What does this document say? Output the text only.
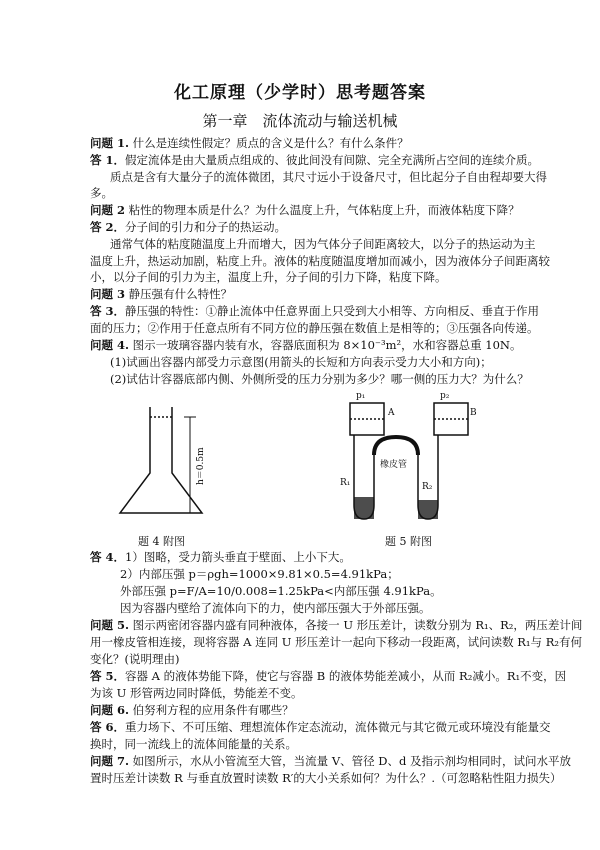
化工原理（少学时）思考题答案
第一章　流体流动与输送机械
问题 1. 什么是连续性假定？质点的含义是什么？有什么条件？
答 1．假定流体是由大量质点组成的、彼此间没有间隙、完全充满所占空间的连续介质。
质点是含有大量分子的流体微团，其尺寸远小于设备尺寸，但比起分子自由程却要大得
多。
问题 2 粘性的物理本质是什么？为什么温度上升，气体粘度上升，而液体粘度下降？
答 2．分子间的引力和分子的热运动。
通常气体的粘度随温度上升而增大，因为气体分子间距离较大，以分子的热运动为主
温度上升，热运动加剧，粘度上升。液体的粘度随温度增加而减小，因为液体分子间距离较
小，以分子间的引力为主，温度上升，分子间的引力下降，粘度下降。
问题 3 静压强有什么特性？
答 3．静压强的特性：①静止流体中任意界面上只受到大小相等、方向相反、垂直于作用
面的压力；②作用于任意点所有不同方位的静压强在数值上是相等的；③压强各向传递。
问题 4. 图示一玻璃容器内装有水，容器底面积为 8×10⁻³m²，水和容器总重 10N。
(1)试画出容器内部受力示意图(用箭头的长短和方向表示受力大小和方向)；
(2)试估计容器底部内侧、外侧所受的压力分别为多少？哪一侧的压力大？为什么？
h＝0.5m
题 4 附图
p₁
A
p₂
B
橡皮管
R₁	R₂
题 5 附图
答 4．1）图略，受力箭头垂直于壁面、上小下大。
2）内部压强 p＝ρgh=1000×9.81×0.5=4.91kPa；
外部压强 p=F/A=10/0.008=1.25kPa<内部压强 4.91kPa。
因为容器内壁给了流体向下的力，使内部压强大于外部压强。
问题 5. 图示两密闭容器内盛有同种液体，各接一 U 形压差计，读数分别为 R₁、R₂，两压差计间
用一橡皮管相连接，现将容器 A 连同 U 形压差计一起向下移动一段距离，试问读数 R₁与 R₂有何
变化？(说明理由)
答 5．容器 A 的液体势能下降，使它与容器 B 的液体势能差减小，从而 R₂减小。R₁不变，因
为该 U 形管两边同时降低，势能差不变。
问题 6. 伯努利方程的应用条件有哪些？
答 6．重力场下、不可压缩、理想流体作定态流动，流体微元与其它微元或环境没有能量交
换时，同一流线上的流体间能量的关系。
问题 7. 如图所示，水从小管流至大管，当流量 V、管径 D、d 及指示剂均相同时，试问水平放
置时压差计读数 R 与垂直放置时读数 R′的大小关系如何？为什么？.（可忽略粘性阻力损失）
